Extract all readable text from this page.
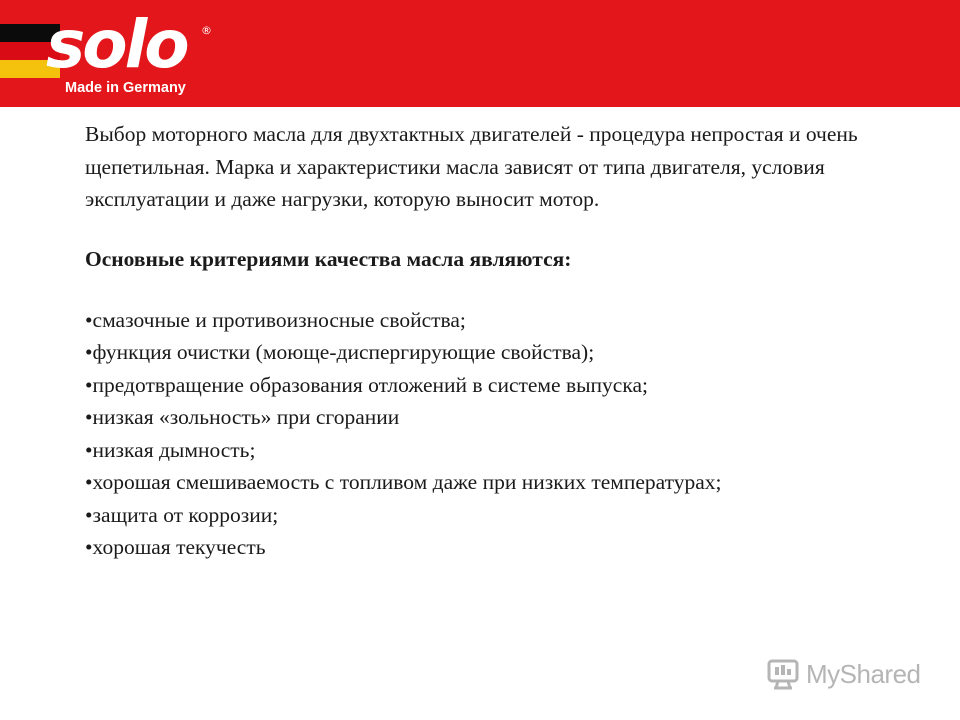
solo ®
Made in Germany

Выбор моторного масла для двухтактных двигателей - процедура непростая и очень щепетильная. Марка и характеристики масла зависят от типа двигателя, условия эксплуатации и даже нагрузки, которую выносит мотор.

Основные критериями качества масла являются:
•смазочные и противоизносные свойства;
•функция очистки (моюще-диспергирующие свойства);
•предотвращение образования отложений в системе выпуска;
•низкая «зольность» при сгорании
•низкая дымность;
•хорошая смешиваемость с топливом даже при низких температурах;
•защита от коррозии;
•хорошая текучесть
MyShared
